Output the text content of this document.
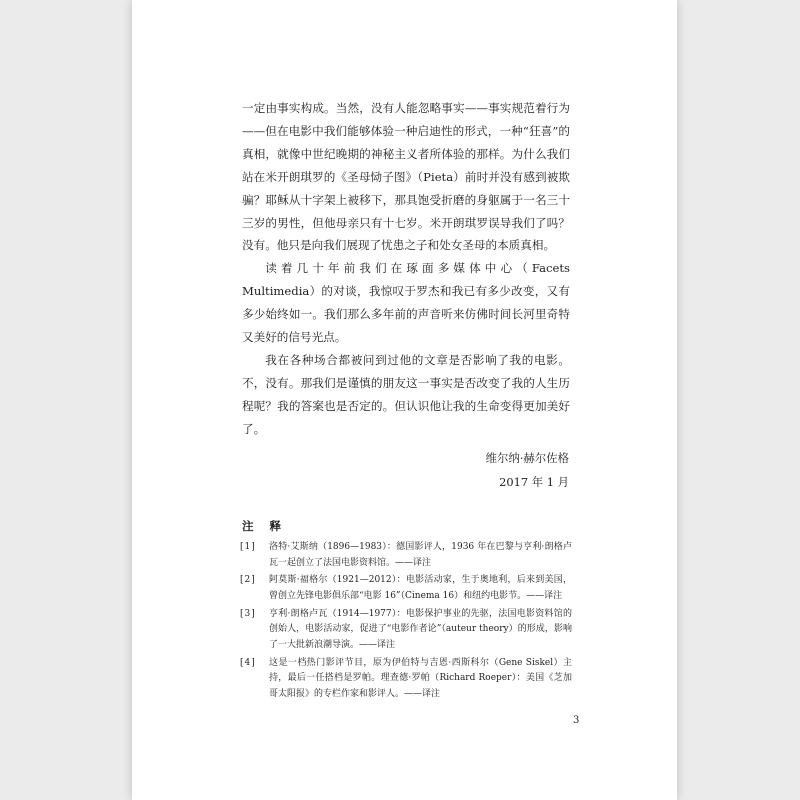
一定由事实构成。当然，没有人能忽略事实——事实规范着行为——但在电影中我们能够体验一种启迪性的形式，一种“狂喜”的真相，就像中世纪晚期的神秘主义者所体验的那样。为什么我们站在米开朗琪罗的《圣母恸子图》（Pieta）前时并没有感到被欺骗？耶稣从十字架上被移下，那具饱受折磨的身躯属于一名三十三岁的男性，但他母亲只有十七岁。米开朗琪罗误导我们了吗？没有。他只是向我们展现了忧患之子和处女圣母的本质真相。

读着几十年前我们在琢面多媒体中心（Facets Multimedia）的对谈，我惊叹于罗杰和我已有多少改变，又有多少始终如一。我们那么多年前的声音听来仿佛时间长河里奇特又美好的信号光点。

我在各种场合都被问到过他的文章是否影响了我的电影。不，没有。那我们是谨慎的朋友这一事实是否改变了我的人生历程呢？我的答案也是否定的。但认识他让我的生命变得更加美好了。

维尔纳·赫尔佐格
2017 年 1 月
注 释
[1]	洛特·艾斯纳（1896—1983）：德国影评人，1936 年在巴黎与亨利·朗格卢瓦一起创立了法国电影资料馆。——译注
[2]	阿莫斯·福格尔（1921—2012）：电影活动家，生于奥地利，后来到美国，曾创立先锋电影俱乐部“电影 16”（Cinema 16）和纽约电影节。——译注
[3]	亨利·朗格卢瓦（1914—1977）：电影保护事业的先驱，法国电影资料馆的创始人，电影活动家，促进了“电影作者论”（auteur theory）的形成，影响了一大批新浪潮导演。——译注
[4]	这是一档热门影评节目，原为伊伯特与吉恩·西斯科尔（Gene Siskel）主持，最后一任搭档是罗帕。理查德·罗帕（Richard Roeper）：美国《芝加哥太阳报》的专栏作家和影评人。——译注
3
